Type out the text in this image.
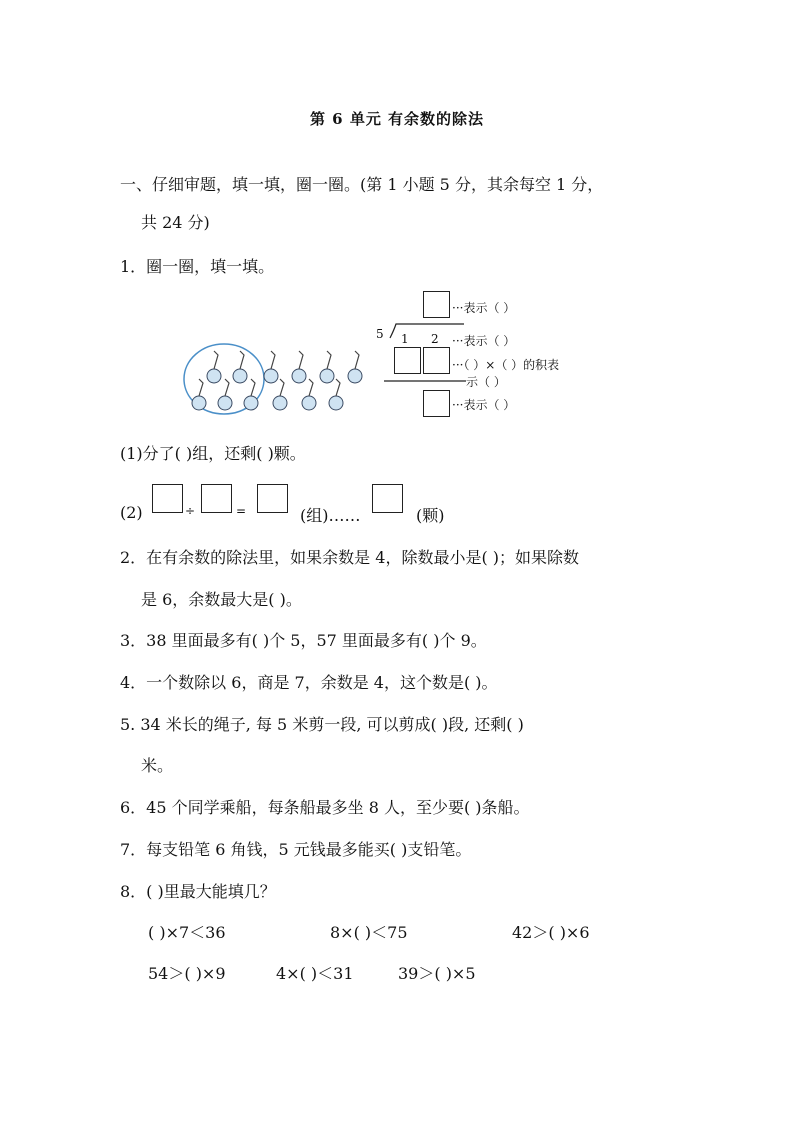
第 6 单元 有余数的除法
一、仔细审题，填一填，圈一圈。(第 1 小题 5 分，其余每空 1 分，
共 24 分)
1．圈一圈，填一填。
···表示（ ）
5 1 2 ···表示（ ）
···（ ）×（ ）的积表
示（ ）
···表示（ ）
(1)分了( )组，还剩( )颗。
(2)	÷	=	(组)……	(颗)
2．在有余数的除法里，如果余数是 4，除数最小是( )；如果除数
是 6，余数最大是( )。
3．38 里面最多有( )个 5，57 里面最多有( )个 9。
4．一个数除以 6，商是 7，余数是 4，这个数是( )。
5. 34 米长的绳子, 每 5 米剪一段, 可以剪成( )段, 还剩( )
米。
6．45 个同学乘船，每条船最多坐 8 人，至少要( )条船。
7．每支铅笔 6 角钱，5 元钱最多能买( )支铅笔。
8．( )里最大能填几？
( )×7＜36	8×( )＜75	42＞( )×6
54＞( )×9	4×( )＜31	39＞( )×5
